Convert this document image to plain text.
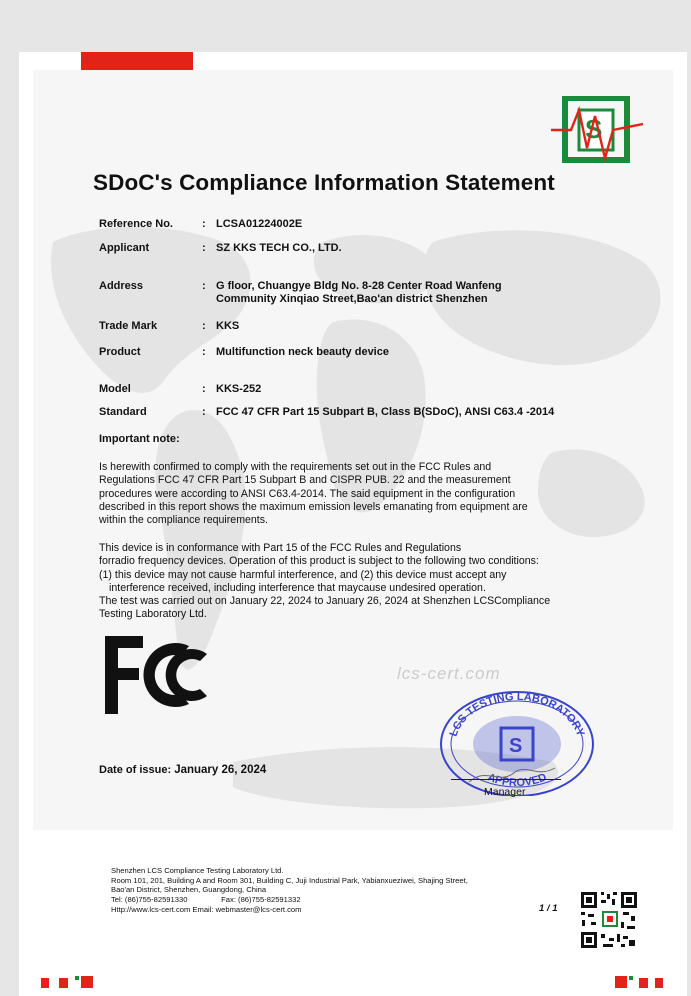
S
SDoC's Compliance Information Statement
Reference No.	: LCSA01224002E
Applicant	: SZ KKS TECH CO., LTD.
Address	: G floor, Chuangye Bldg No. 8-28 Center Road Wanfeng
Community Xinqiao Street,Bao'an district Shenzhen
Trade Mark	: KKS
Product	: Multifunction neck beauty device
Model	: KKS-252
Standard	: FCC 47 CFR Part 15 Subpart B, Class B(SDoC), ANSI C63.4 -2014
Important note:
Is herewith confirmed to comply with the requirements set out in the FCC Rules and
Regulations FCC 47 CFR Part 15 Subpart B and CISPR PUB. 22 and the measurement
procedures were according to ANSI C63.4-2014. The said equipment in the configuration
described in this report shows the maximum emission levels emanating from equipment are
within the compliance requirements.
This device is in conformance with Part 15 of the FCC Rules and Regulations
forradio frequency devices. Operation of this product is subject to the following two conditions:
(1) this device may not cause harmful interference, and (2) this device must accept any
interference received, including interference that maycause undesired operation.
The test was carried out on January 22, 2024 to January 26, 2024 at Shenzhen LCSCompliance
Testing Laboratory Ltd.
lcs-cert.com
Date of issue: January 26, 2024
S
LCS TESTING LABORATORY
APPROVED
Manager
Shenzhen LCS Compliance Testing Laboratory Ltd.
Room 101, 201, Building A and Room 301, Building C, Juji Industrial Park, Yabianxueziwei, Shajing Street,
Bao'an District, Shenzhen, Guangdong, China
Tel: (86)755-82591330                Fax: (86)755-82591332
Http://www.lcs-cert.com Email: webmaster@lcs-cert.com	1 / 1
